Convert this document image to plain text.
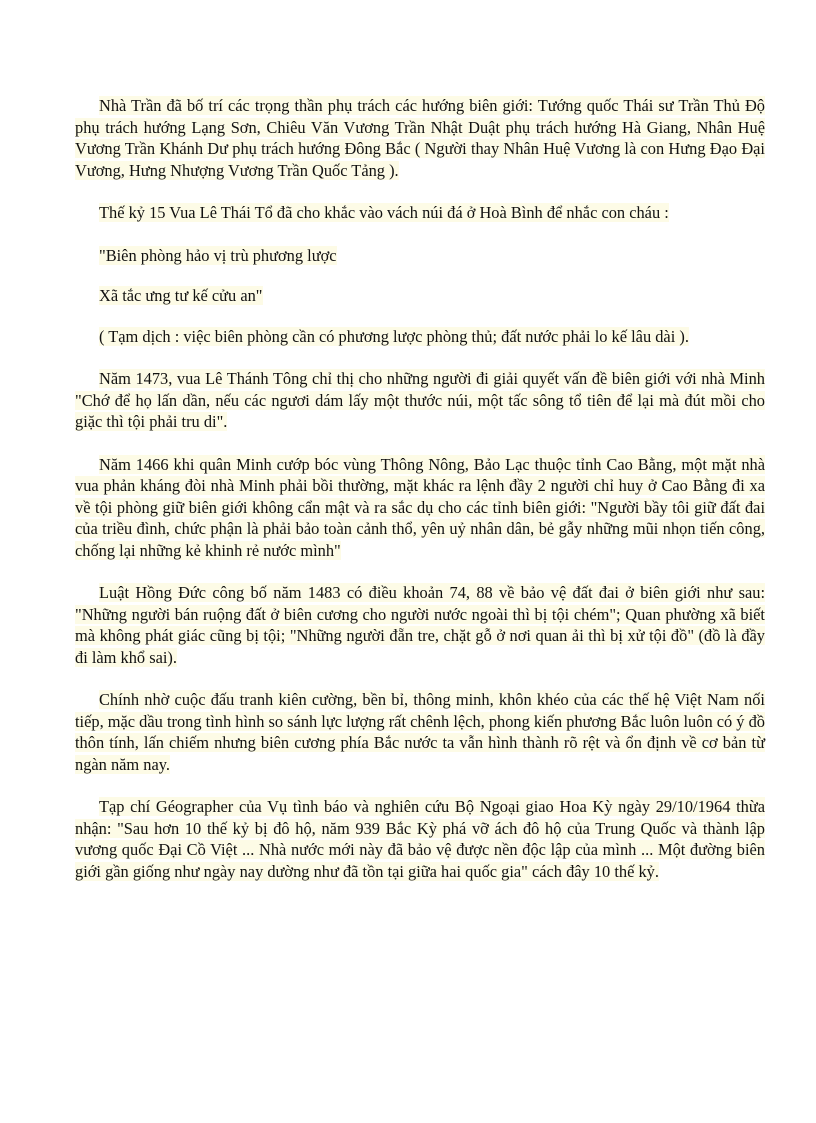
Nhà Trần đã bố trí các trọng thần phụ trách các hướng biên giới: Tướng quốc Thái sư Trần Thủ Độ phụ trách hướng Lạng Sơn, Chiêu Văn Vương Trần Nhật Duật phụ trách hướng Hà Giang, Nhân Huệ Vương Trần Khánh Dư phụ trách hướng Đông Bắc ( Người thay Nhân Huệ Vương là con Hưng Đạo Đại Vương, Hưng Nhượng Vương Trần Quốc Tảng ).

Thế kỷ 15 Vua Lê Thái Tổ đã cho khắc vào vách núi đá ở Hoà Bình để nhắc con cháu :

"Biên phòng hảo vị trù phương lược

Xã tắc ưng tư kế cửu an"

( Tạm dịch : việc biên phòng cần có phương lược phòng thủ; đất nước phải lo kế lâu dài ).

Năm 1473, vua Lê Thánh Tông chỉ thị cho những người đi giải quyết vấn đề biên giới với nhà Minh "Chớ để họ lấn dần, nếu các ngươi dám lấy một thước núi, một tấc sông tổ tiên để lại mà đút mồi cho giặc thì tội phải tru di".

Năm 1466 khi quân Minh cướp bóc vùng Thông Nông, Bảo Lạc thuộc tỉnh Cao Bằng, một mặt nhà vua phản kháng đòi nhà Minh phải bồi thường, mặt khác ra lệnh đầy 2 người chỉ huy ở Cao Bằng đi xa về tội phòng giữ biên giới không cẩn mật và ra sắc dụ cho các tỉnh biên giới: "Người bầy tôi giữ đất đai của triều đình, chức phận là phải bảo toàn cảnh thổ, yên uỷ nhân dân, bẻ gẫy những mũi nhọn tiến công, chống lại những kẻ khinh rẻ nước mình"

Luật Hồng Đức công bố năm 1483 có điều khoản 74, 88 về bảo vệ đất đai ở biên giới như sau: "Những người bán ruộng đất ở biên cương cho người nước ngoài thì bị tội chém"; Quan phường xã biết mà không phát giác cũng bị tội; "Những người đẵn tre, chặt gỗ ở nơi quan ải thì bị xử tội đồ" (đồ là đầy đi làm khổ sai).

Chính nhờ cuộc đấu tranh kiên cường, bền bỉ, thông minh, khôn khéo của các thế hệ Việt Nam nối tiếp, mặc dầu trong tình hình so sánh lực lượng rất chênh lệch, phong kiến phương Bắc luôn luôn có ý đồ thôn tính, lấn chiếm nhưng biên cương phía Bắc nước ta vẫn hình thành rõ rệt và ổn định về cơ bản từ ngàn năm nay.

Tạp chí Géographer của Vụ tình báo và nghiên cứu Bộ Ngoại giao Hoa Kỳ ngày 29/10/1964 thừa nhận: "Sau hơn 10 thế kỷ bị đô hộ, năm 939 Bắc Kỳ phá vỡ ách đô hộ của Trung Quốc và thành lập vương quốc Đại Cồ Việt ... Nhà nước mới này đã bảo vệ được nền độc lập của mình ... Một đường biên giới gần giống như ngày nay dường như đã tồn tại giữa hai quốc gia" cách đây 10 thế kỷ.
